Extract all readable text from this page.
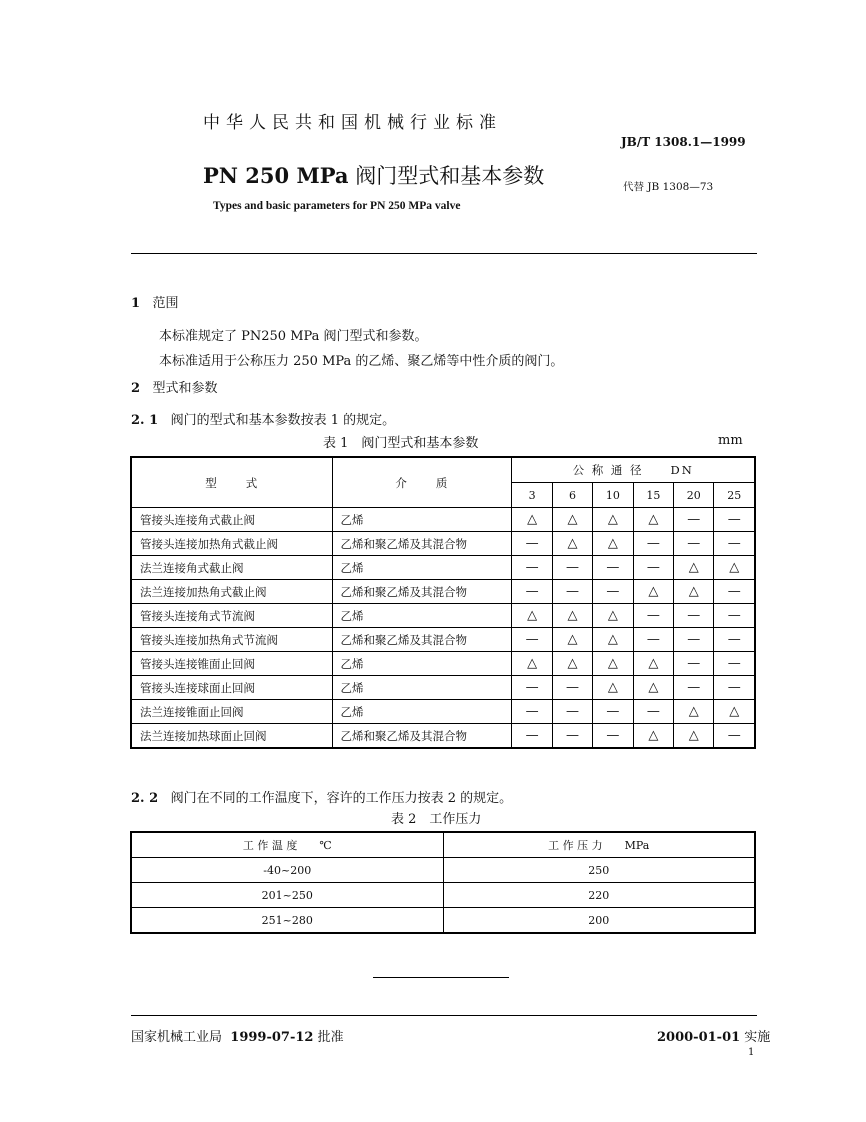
中华人民共和国机械行业标准
JB/T 1308.1—1999
PN 250 MPa 阀门型式和基本参数	代替 JB 1308—73
Types and basic parameters for PN 250 MPa valve
1 范围
本标准规定了 PN250 MPa 阀门型式和参数。
本标准适用于公称压力 250 MPa 的乙烯、聚乙烯等中性介质的阀门。
2 型式和参数
2. 1 阀门的型式和基本参数按表 1 的规定。
表 1　阀门型式和基本参数	mm
型　　式	介　　质	公 称 通 径　　DN					
		3	6	10	15	20	25
管接头连接角式截止阀	乙烯	△	△	△	△	—	—
管接头连接加热角式截止阀	乙烯和聚乙烯及其混合物	—	△	△	—	—	—
法兰连接角式截止阀	乙烯	—	—	—	—	△	△
法兰连接加热角式截止阀	乙烯和聚乙烯及其混合物	—	—	—	△	△	—
管接头连接角式节流阀	乙烯	△	△	△	—	—	—
管接头连接加热角式节流阀	乙烯和聚乙烯及其混合物	—	△	△	—	—	—
管接头连接锥面止回阀	乙烯	△	△	△	△	—	—
管接头连接球面止回阀	乙烯	—	—	△	△	—	—
法兰连接锥面止回阀	乙烯	—	—	—	—	△	△
法兰连接加热球面止回阀	乙烯和聚乙烯及其混合物	—	—	—	△	△	—
2. 2 阀门在不同的工作温度下，容许的工作压力按表 2 的规定。
表 2　工作压力
工 作 温 度　　℃	工 作 压 力　　MPa
-40~200	250
201~250	220
251~280	200
国家机械工业局 1999-07-12 批准	2000-01-01 实施
1
